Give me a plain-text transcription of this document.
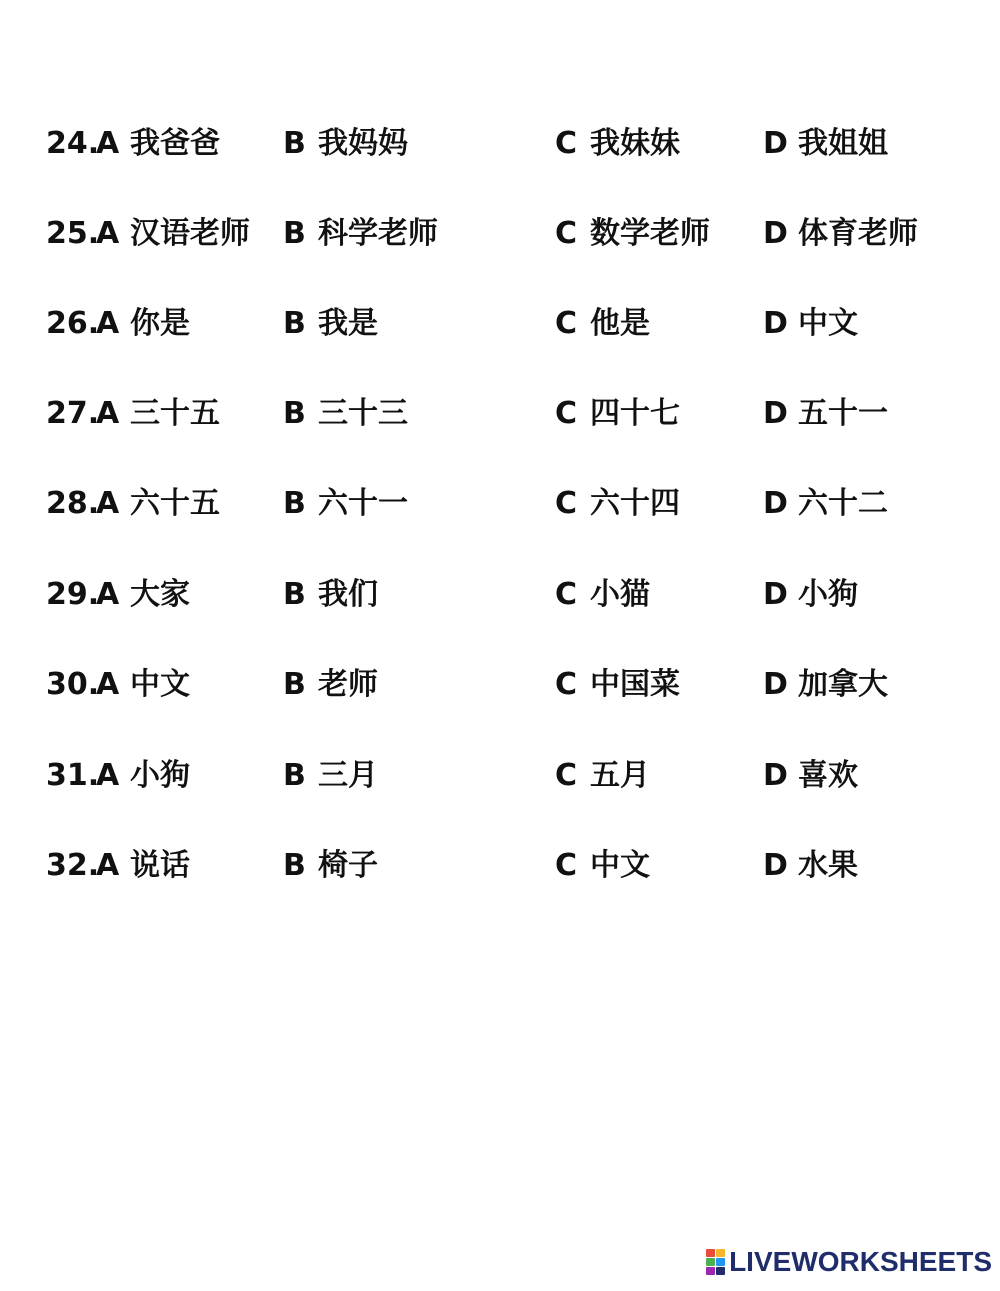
24.
A 我爸爸 B 我妈妈	C 我妹妹	D 我姐姐
25.
A 汉语老师 B 科学老师	C 数学老师 D 体育老师
26.
A 你是	B 我是	C 他是	D 中文
27.
A 三十五 B 三十三	C 四十七	D 五十一
28.
A 六十五 B 六十一	C 六十四	D 六十二
29.
A 大家	B 我们	C 小猫	D 小狗
30.
A 中文	B 老师	C 中国菜	D 加拿大
31.
A 小狗	B 三月	C 五月	D 喜欢
32.
A 说话	B 椅子	C 中文	D 水果
LIVEWORKSHEETS
